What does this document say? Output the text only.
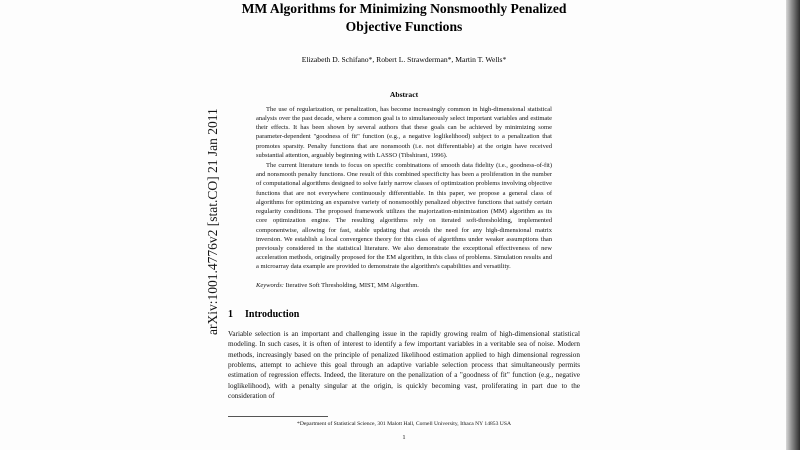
arXiv:1001.4776v2 [stat.CO] 21 Jan 2011
MM Algorithms for Minimizing Nonsmoothly Penalized
Objective Functions
Elizabeth D. Schifano*, Robert L. Strawderman*, Martin T. Wells*
Abstract

The use of regularization, or penalization, has become increasingly common in high-dimensional statistical analysis over the past decade, where a common goal is to simultaneously select important variables and estimate their effects. It has been shown by several authors that these goals can be achieved by minimizing some parameter-dependent "goodness of fit" function (e.g., a negative loglikelihood) subject to a penalization that promotes sparsity. Penalty functions that are nonsmooth (i.e. not differentiable) at the origin have received substantial attention, arguably beginning with LASSO (Tibshirani, 1996).

The current literature tends to focus on specific combinations of smooth data fidelity (i.e., goodness-of-fit) and nonsmooth penalty functions. One result of this combined specificity has been a proliferation in the number of computational algorithms designed to solve fairly narrow classes of optimization problems involving objective functions that are not everywhere continuously differentiable. In this paper, we propose a general class of algorithms for optimizing an expansive variety of nonsmoothly penalized objective functions that satisfy certain regularity conditions. The proposed framework utilizes the majorization-minimization (MM) algorithm as its core optimization engine. The resulting algorithms rely on iterated soft-thresholding, implemented componentwise, allowing for fast, stable updating that avoids the need for any high-dimensional matrix inversion. We establish a local convergence theory for this class of algorithms under weaker assumptions than previously considered in the statistical literature. We also demonstrate the exceptional effectiveness of new acceleration methods, originally proposed for the EM algorithm, in this class of problems. Simulation results and a microarray data example are provided to demonstrate the algorithm's capabilities and versatility.

Keywords: Iterative Soft Thresholding, MIST, MM Algorithm.
1 Introduction

Variable selection is an important and challenging issue in the rapidly growing realm of high-dimensional statistical modeling. In such cases, it is often of interest to identify a few important variables in a veritable sea of noise. Modern methods, increasingly based on the principle of penalized likelihood estimation applied to high dimensional regression problems, attempt to achieve this goal through an adaptive variable selection process that simultaneously permits estimation of regression effects. Indeed, the literature on the penalization of a "goodness of fit" function (e.g., negative loglikelihood), with a penalty singular at the origin, is quickly becoming vast, proliferating in part due to the consideration of

*Department of Statistical Science, 301 Malott Hall, Cornell University, Ithaca NY 14853 USA
1
